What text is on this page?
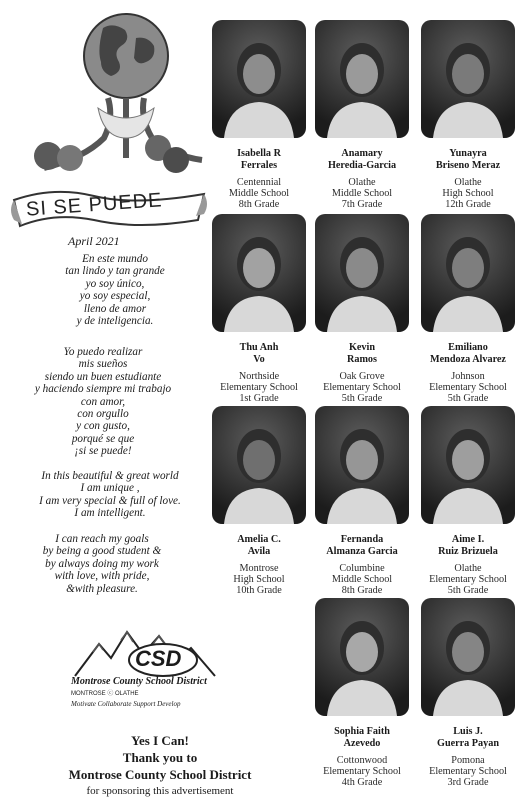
SI SE PUEDE
April 2021
En este mundo
tan lindo y tan grande
yo soy único,
yo soy especial,
lleno de amor
y de inteligencia.
Yo puedo realizar
mis sueños
siendo un buen estudiante
y haciendo siempre mi trabajo
con amor,
con orgullo
y con gusto,
porqué se que
¡si se puede!
In this beautiful & great world
I am unique ,
I am very special & full of love.
I am intelligent.
I can reach my goals
by being a good student &
by always doing my work
with love, with pride,
&with pleasure.
CSD
Montrose County School District
MONTROSE ⓒ OLATHE
Motivate Collaborate Support Develop
Yes I Can!
Thank you to
Montrose County School District
for sponsoring this advertisement
Isabella R
Ferrales
Centennial
Middle School
8th Grade
Anamary
Heredia-Garcia
Olathe
Middle School
7th Grade
Yunayra
Briseno Meraz
Olathe
High School
12th Grade
Thu Anh
Vo
Northside
Elementary School
1st Grade
Kevin
Ramos
Oak Grove
Elementary School
5th Grade
Emiliano
Mendoza Alvarez
Johnson
Elementary School
5th Grade
Amelia C.
Avila
Montrose
High School
10th Grade
Fernanda
Almanza Garcia
Columbine
Middle School
8th Grade
Aime I.
Ruiz Brizuela
Olathe
Elementary School
5th Grade
Sophia Faith
Azevedo
Cottonwood
Elementary School
4th Grade
Luis J.
Guerra Payan
Pomona
Elementary School
3rd Grade
